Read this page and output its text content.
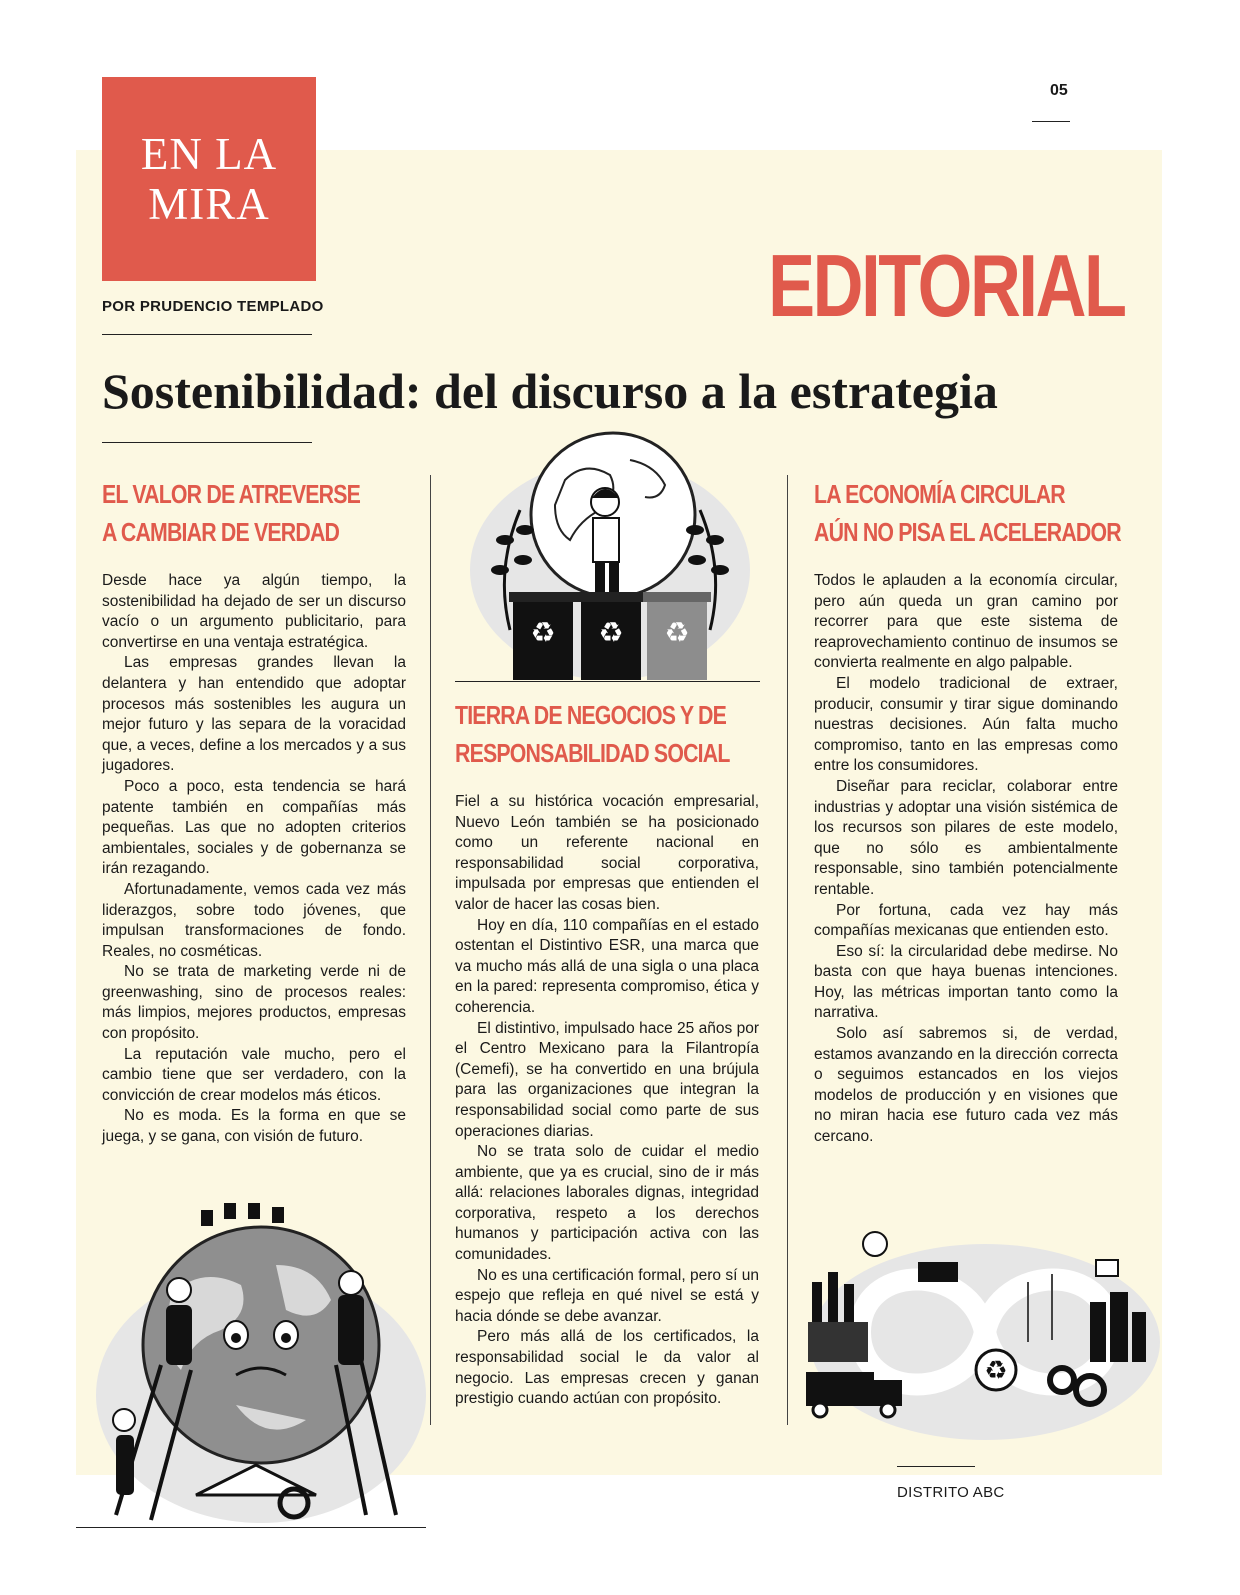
EN LA
MIRA
POR PRUDENCIO TEMPLADO
05
EDITORIAL
Sostenibilidad: del discurso a la estrategia
EL VALOR DE ATREVERSE
A CAMBIAR DE VERDAD

Desde hace ya algún tiempo, la sostenibilidad ha dejado de ser un discurso vacío o un argumento publicitario, para convertirse en una ventaja estratégica.

Las empresas grandes llevan la delantera y han entendido que adoptar procesos más sostenibles les augura un mejor futuro y las separa de la voracidad que, a veces, define a los mercados y a sus jugadores.

Poco a poco, esta tendencia se hará patente también en compañías más pequeñas. Las que no adopten criterios ambientales, sociales y de gobernanza se irán rezagando.

Afortunadamente, vemos cada vez más liderazgos, sobre todo jóvenes, que impulsan transformaciones de fondo. Reales, no cosméticas.

No se trata de marketing verde ni de greenwashing, sino de procesos reales: más limpios, mejores productos, empresas con propósito.

La reputación vale mucho, pero el cambio tiene que ser verdadero, con la convicción de crear modelos más éticos.

No es moda. Es la forma en que se juega, y se gana, con visión de futuro.

TIERRA DE NEGOCIOS Y DE
RESPONSABILIDAD SOCIAL

Fiel a su histórica vocación empresarial, Nuevo León también se ha posicionado como un referente nacional en responsabilidad social corporativa, impulsada por empresas que entienden el valor de hacer las cosas bien.

Hoy en día, 110 compañías en el estado ostentan el Distintivo ESR, una marca que va mucho más allá de una sigla o una placa en la pared: representa compromiso, ética y coherencia.

El distintivo, impulsado hace 25 años por el Centro Mexicano para la Filantropía (Cemefi), se ha convertido en una brújula para las organizaciones que integran la responsabilidad social como parte de sus operaciones diarias.

No se trata solo de cuidar el medio ambiente, que ya es crucial, sino de ir más allá: relaciones laborales dignas, integridad corporativa, respeto a los derechos humanos y participación activa con las comunidades.

No es una certificación formal, pero sí un espejo que refleja en qué nivel se está y hacia dónde se debe avanzar.

Pero más allá de los certificados, la responsabilidad social le da valor al negocio. Las empresas crecen y ganan prestigio cuando actúan con propósito.

LA ECONOMÍA CIRCULAR
AÚN NO PISA EL ACELERADOR

Todos le aplauden a la economía circular, pero aún queda un gran camino por recorrer para que este sistema de reaprovechamiento continuo de insumos se convierta realmente en algo palpable.

El modelo tradicional de extraer, producir, consumir y tirar sigue dominando nuestras decisiones. Aún falta mucho compromiso, tanto en las empresas como entre los consumidores.

Diseñar para reciclar, colaborar entre industrias y adoptar una visión sistémica de los recursos son pilares de este modelo, que no sólo es ambientalmente responsable, sino también potencialmente rentable.

Por fortuna, cada vez hay más compañías mexicanas que entienden esto.

Eso sí: la circularidad debe medirse. No basta con que haya buenas intenciones. Hoy, las métricas importan tanto como la narrativa.

Solo así sabremos si, de verdad, estamos avanzando en la dirección correcta o seguimos estancados en los viejos modelos de producción y en visiones que no miran hacia ese futuro cada vez más cercano.

♻ ♻ ♻
♻
DISTRITO ABC
